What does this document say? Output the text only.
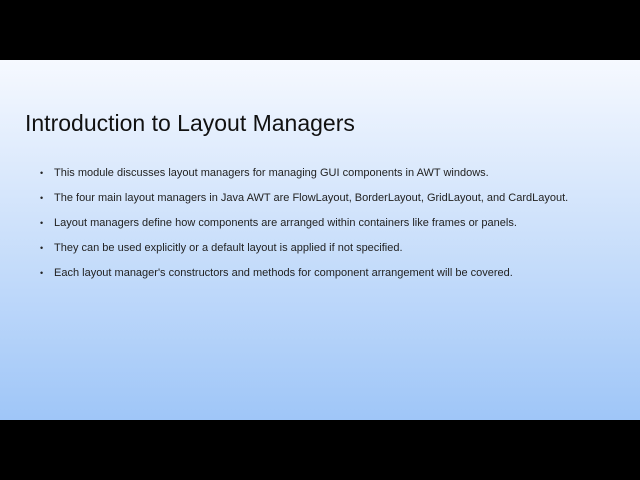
Introduction to Layout Managers
• This module discusses layout managers for managing GUI components in AWT windows.
• The four main layout managers in Java AWT are FlowLayout, BorderLayout, GridLayout, and CardLayout.
• Layout managers define how components are arranged within containers like frames or panels.
• They can be used explicitly or a default layout is applied if not specified.
• Each layout manager's constructors and methods for component arrangement will be covered.
